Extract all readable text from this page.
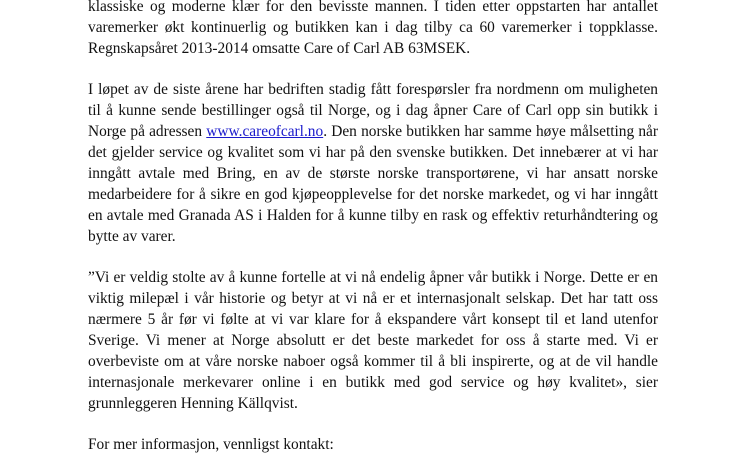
klassiske og moderne klær for den bevisste mannen. I tiden etter oppstarten har antallet varemerker økt kontinuerlig og butikken kan i dag tilby ca 60 varemerker i toppklasse. Regnskapsåret 2013-2014 omsatte Care of Carl AB 63MSEK.

I løpet av de siste årene har bedriften stadig fått forespørsler fra nordmenn om muligheten til å kunne sende bestillinger også til Norge, og i dag åpner Care of Carl opp sin butikk i Norge på adressen www.careofcarl.no. Den norske butikken har samme høye målsetting når det gjelder service og kvalitet som vi har på den svenske butikken. Det innebærer at vi har inngått avtale med Bring, en av de største norske transportørene, vi har ansatt norske medarbeidere for å sikre en god kjøpeopplevelse for det norske markedet, og vi har inngått en avtale med Granada AS i Halden for å kunne tilby en rask og effektiv returhåndtering og bytte av varer.

”Vi er veldig stolte av å kunne fortelle at vi nå endelig åpner vår butikk i Norge. Dette er en viktig milepæl i vår historie og betyr at vi nå er et internasjonalt selskap. Det har tatt oss nærmere 5 år før vi følte at vi var klare for å ekspandere vårt konsept til et land utenfor Sverige. Vi mener at Norge absolutt er det beste markedet for oss å starte med. Vi er overbeviste om at våre norske naboer også kommer til å bli inspirerte, og at de vil handle internasjonale merkevarer online i en butikk med god service og høy kvalitet», sier grunnleggeren Henning Källqvist.

For mer informasjon, vennligst kontakt:
